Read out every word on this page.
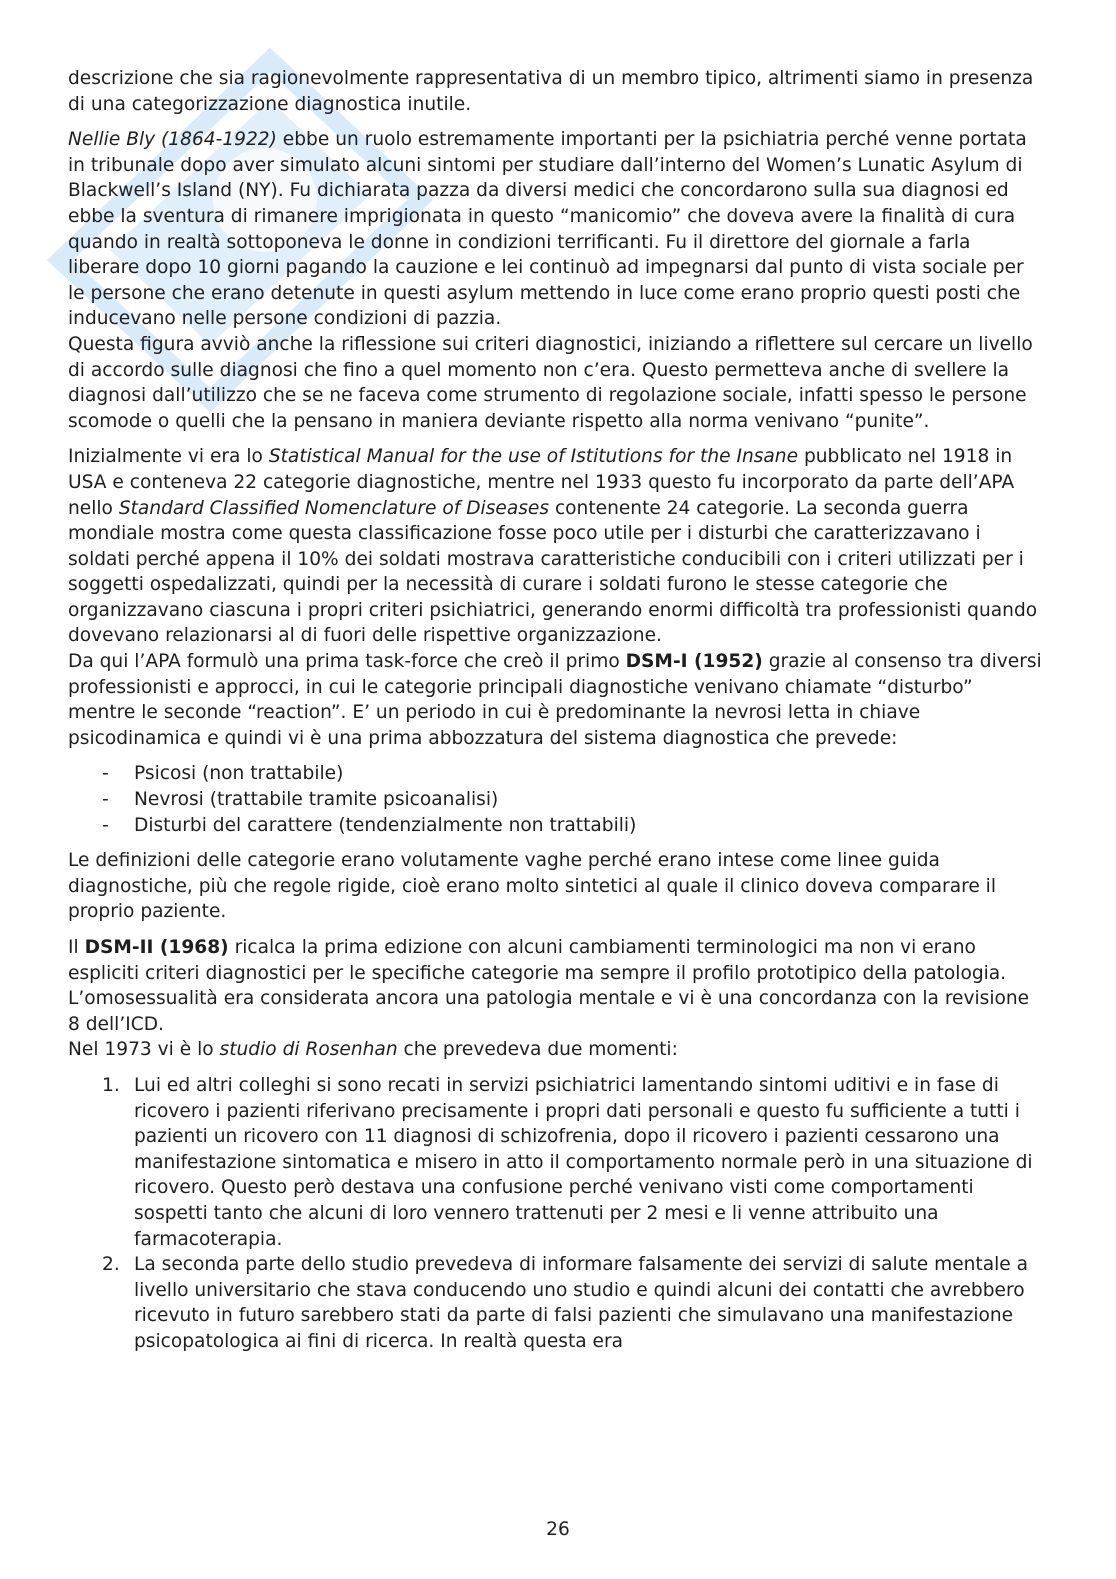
descrizione che sia ragionevolmente rappresentativa di un membro tipico, altrimenti siamo in presenza di una categorizzazione diagnostica inutile.

Nellie Bly (1864-1922) ebbe un ruolo estremamente importanti per la psichiatria perché venne portata in tribunale dopo aver simulato alcuni sintomi per studiare dall’interno del Women’s Lunatic Asylum di Blackwell’s Island (NY). Fu dichiarata pazza da diversi medici che concordarono sulla sua diagnosi ed ebbe la sventura di rimanere imprigionata in questo “manicomio” che doveva avere la finalità di cura quando in realtà sottoponeva le donne in condizioni terrificanti. Fu il direttore del giornale a farla liberare dopo 10 giorni pagando la cauzione e lei continuò ad impegnarsi dal punto di vista sociale per le persone che erano detenute in questi asylum mettendo in luce come erano proprio questi posti che inducevano nelle persone condizioni di pazzia.

Questa figura avviò anche la riflessione sui criteri diagnostici, iniziando a riflettere sul cercare un livello di accordo sulle diagnosi che fino a quel momento non c’era. Questo permetteva anche di svellere la diagnosi dall’utilizzo che se ne faceva come strumento di regolazione sociale, infatti spesso le persone scomode o quelli che la pensano in maniera deviante rispetto alla norma venivano “punite”.

Inizialmente vi era lo Statistical Manual for the use of Istitutions for the Insane pubblicato nel 1918 in USA e conteneva 22 categorie diagnostiche, mentre nel 1933 questo fu incorporato da parte dell’APA nello Standard Classified Nomenclature of Diseases contenente 24 categorie. La seconda guerra mondiale mostra come questa classificazione fosse poco utile per i disturbi che caratterizzavano i soldati perché appena il 10% dei soldati mostrava caratteristiche conducibili con i criteri utilizzati per i soggetti ospedalizzati, quindi per la necessità di curare i soldati furono le stesse categorie che organizzavano ciascuna i propri criteri psichiatrici, generando enormi difficoltà tra professionisti quando dovevano relazionarsi al di fuori delle rispettive organizzazione.

Da qui l’APA formulò una prima task-force che creò il primo DSM-I (1952) grazie al consenso tra diversi professionisti e approcci, in cui le categorie principali diagnostiche venivano chiamate “disturbo” mentre le seconde “reaction”. E’ un periodo in cui è predominante la nevrosi letta in chiave psicodinamica e quindi vi è una prima abbozzatura del sistema diagnostica che prevede:

- Psicosi (non trattabile)
- Nevrosi (trattabile tramite psicoanalisi)
- Disturbi del carattere (tendenzialmente non trattabili)

Le definizioni delle categorie erano volutamente vaghe perché erano intese come linee guida diagnostiche, più che regole rigide, cioè erano molto sintetici al quale il clinico doveva comparare il proprio paziente.

Il DSM-II (1968) ricalca la prima edizione con alcuni cambiamenti terminologici ma non vi erano espliciti criteri diagnostici per le specifiche categorie ma sempre il profilo prototipico della patologia. L’omosessualità era considerata ancora una patologia mentale e vi è una concordanza con la revisione 8 dell’ICD.

Nel 1973 vi è lo studio di Rosenhan che prevedeva due momenti:

1. Lui ed altri colleghi si sono recati in servizi psichiatrici lamentando sintomi uditivi e in fase di ricovero i pazienti riferivano precisamente i propri dati personali e questo fu sufficiente a tutti i pazienti un ricovero con 11 diagnosi di schizofrenia, dopo il ricovero i pazienti cessarono una manifestazione sintomatica e misero in atto il comportamento normale però in una situazione di ricovero. Questo però destava una confusione perché venivano visti come comportamenti sospetti tanto che alcuni di loro vennero trattenuti per 2 mesi e li venne attribuito una farmacoterapia.
2. La seconda parte dello studio prevedeva di informare falsamente dei servizi di salute mentale a livello universitario che stava conducendo uno studio e quindi alcuni dei contatti che avrebbero ricevuto in futuro sarebbero stati da parte di falsi pazienti che simulavano una manifestazione psicopatologica ai fini di ricerca. In realtà questa era
26
